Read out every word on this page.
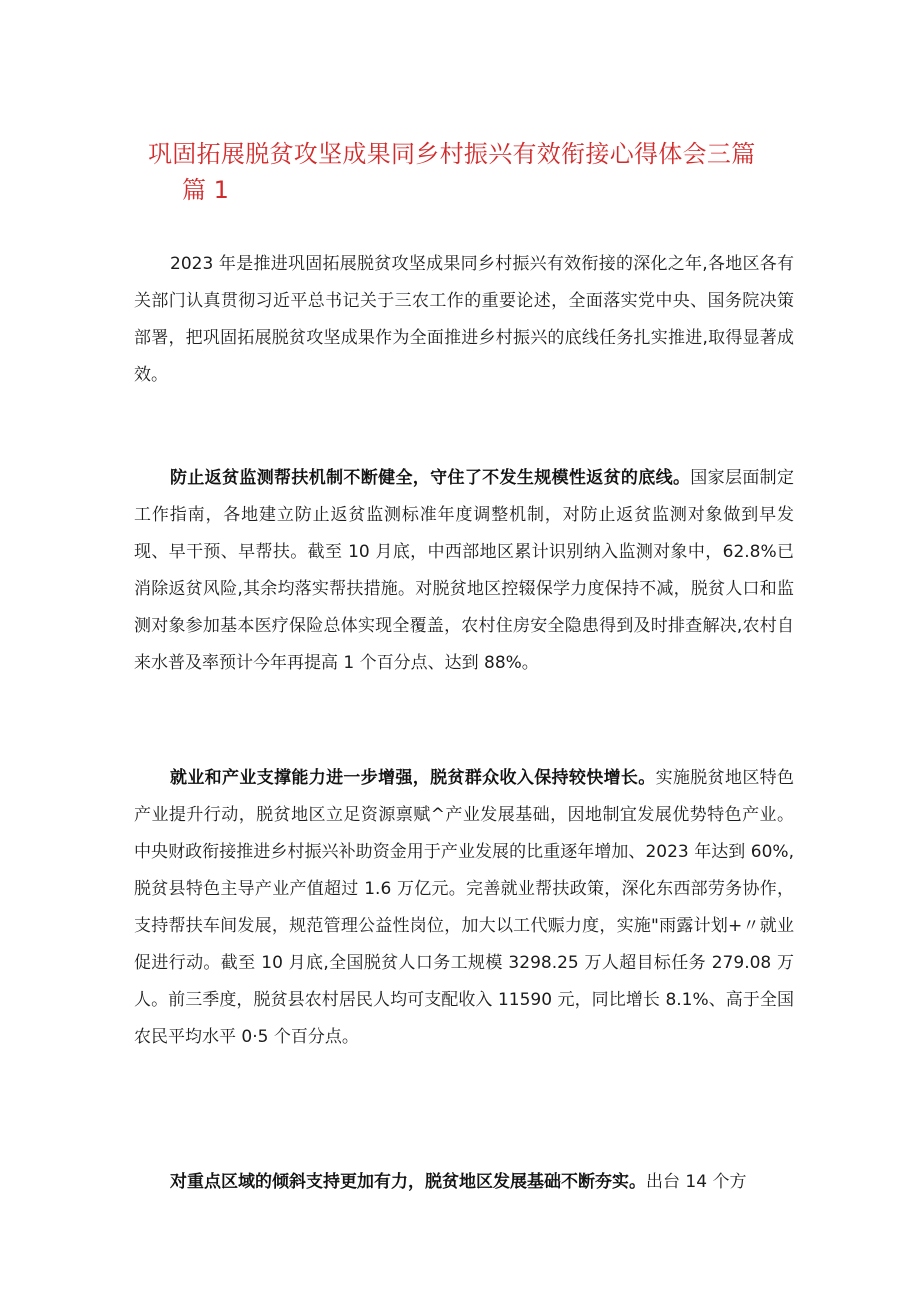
巩固拓展脱贫攻坚成果同乡村振兴有效衔接心得体会三篇
篇 1
2023 年是推进巩固拓展脱贫攻坚成果同乡村振兴有效衔接的深化之年,各地区各有关部门认真贯彻习近平总书记关于三农工作的重要论述，全面落实党中央、国务院决策部署，把巩固拓展脱贫攻坚成果作为全面推进乡村振兴的底线任务扎实推进,取得显著成效。
防止返贫监测帮扶机制不断健全，守住了不发生规模性返贫的底线。国家层面制定工作指南，各地建立防止返贫监测标准年度调整机制，对防止返贫监测对象做到早发现、早干预、早帮扶。截至 10 月底，中西部地区累计识别纳入监测对象中，62.8%已消除返贫风险,其余均落实帮扶措施。对脱贫地区控辍保学力度保持不减，脱贫人口和监测对象参加基本医疗保险总体实现全覆盖，农村住房安全隐患得到及时排查解决,农村自来水普及率预计今年再提高 1 个百分点、达到 88%。
就业和产业支撑能力进一步增强，脱贫群众收入保持较快增长。实施脱贫地区特色产业提升行动，脱贫地区立足资源禀赋^产业发展基础，因地制宜发展优势特色产业。中央财政衔接推进乡村振兴补助资金用于产业发展的比重逐年增加、2023 年达到 60%,脱贫县特色主导产业产值超过 1.6 万亿元。完善就业帮扶政策，深化东西部劳务协作，支持帮扶车间发展，规范管理公益性岗位，加大以工代赈力度，实施"雨露计划+〃就业促进行动。截至 10 月底,全国脱贫人口务工规模 3298.25 万人超目标任务 279.08 万人。前三季度，脱贫县农村居民人均可支配收入 11590 元，同比增长 8.1%、高于全国农民平均水平 0·5 个百分点。
对重点区域的倾斜支持更加有力，脱贫地区发展基础不断夯实。出台 14 个方
